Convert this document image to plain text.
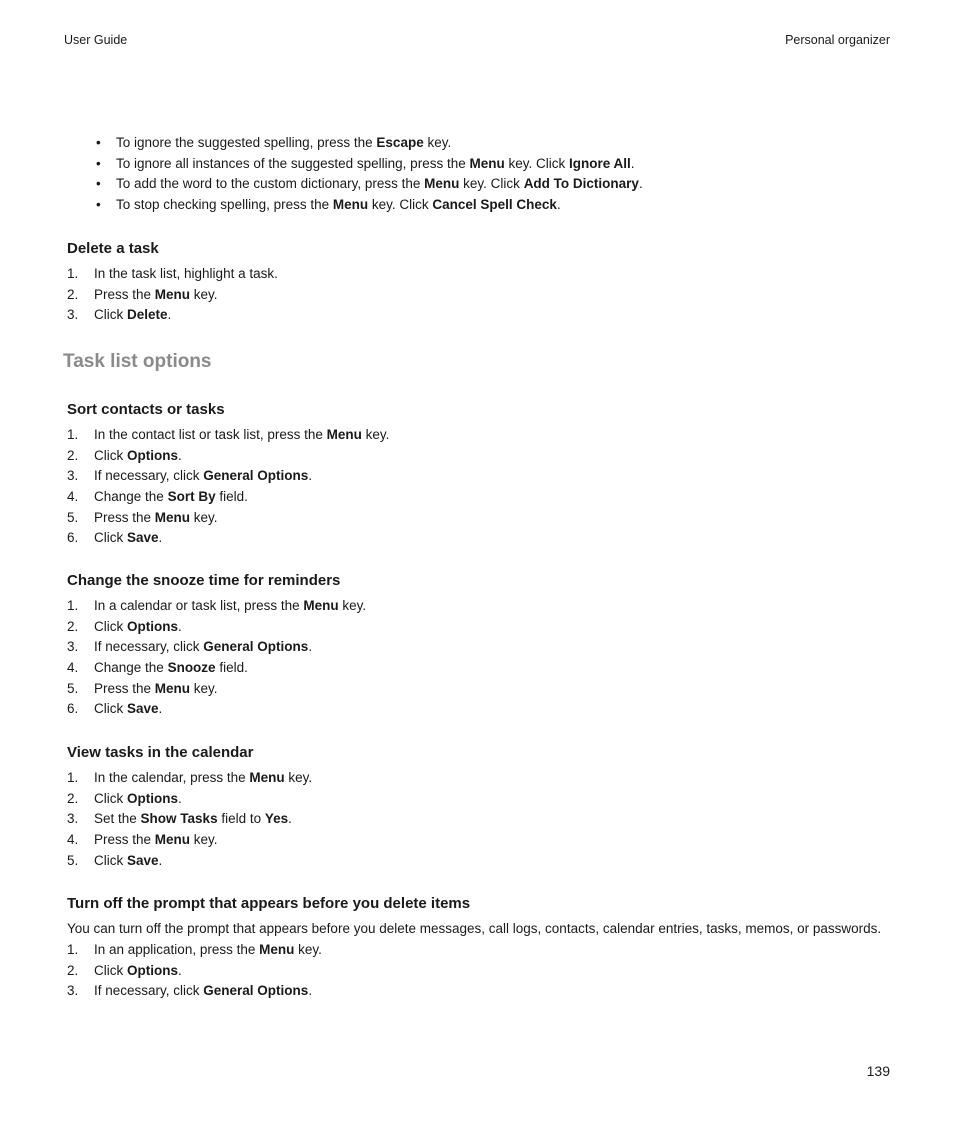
User Guide	Personal organizer
• To ignore the suggested spelling, press the Escape key.
• To ignore all instances of the suggested spelling, press the Menu key. Click Ignore All.
• To add the word to the custom dictionary, press the Menu key. Click Add To Dictionary.
• To stop checking spelling, press the Menu key. Click Cancel Spell Check.
Delete a task
1. In the task list, highlight a task.
2. Press the Menu key.
3. Click Delete.
Task list options
Sort contacts or tasks
1. In the contact list or task list, press the Menu key.
2. Click Options.
3. If necessary, click General Options.
4. Change the Sort By field.
5. Press the Menu key.
6. Click Save.
Change the snooze time for reminders
1. In a calendar or task list, press the Menu key.
2. Click Options.
3. If necessary, click General Options.
4. Change the Snooze field.
5. Press the Menu key.
6. Click Save.
View tasks in the calendar
1. In the calendar, press the Menu key.
2. Click Options.
3. Set the Show Tasks field to Yes.
4. Press the Menu key.
5. Click Save.
Turn off the prompt that appears before you delete items

You can turn off the prompt that appears before you delete messages, call logs, contacts, calendar entries, tasks, memos, or passwords.

1. In an application, press the Menu key.
2. Click Options.
3. If necessary, click General Options.
139
